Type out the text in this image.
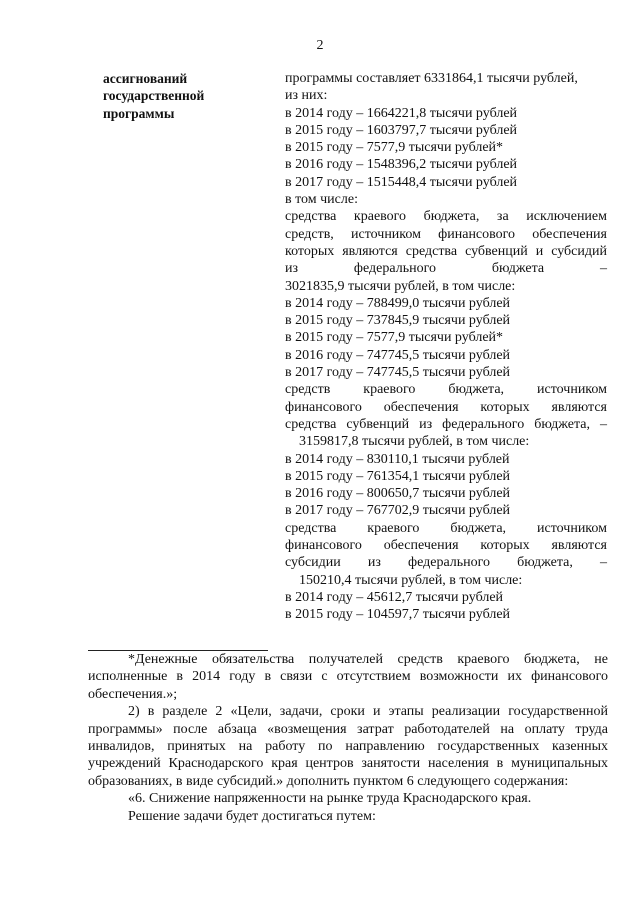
2
ассигнований
государственной
программы
программы составляет 6331864,1 тысячи рублей,
из них:
в 2014 году – 1664221,8 тысячи рублей
в 2015 году – 1603797,7 тысячи рублей
в 2015 году – 7577,9 тысячи рублей*
в 2016 году – 1548396,2 тысячи рублей
в 2017 году – 1515448,4 тысячи рублей
в том числе:
средства краевого бюджета, за исключением
средств, источником финансового обеспечения
которых являются средства субвенций и субсидий
из федерального бюджета –
3021835,9 тысячи рублей, в том числе:
в 2014 году – 788499,0 тысячи рублей
в 2015 году – 737845,9 тысячи рублей
в 2015 году – 7577,9 тысячи рублей*
в 2016 году – 747745,5 тысячи рублей
в 2017 году – 747745,5 тысячи рублей
средств краевого бюджета, источником
финансового обеспечения которых являются
средства субвенций из федерального бюджета, –
3159817,8 тысячи рублей, в том числе:
в 2014 году – 830110,1 тысячи рублей
в 2015 году – 761354,1 тысячи рублей
в 2016 году – 800650,7 тысячи рублей
в 2017 году – 767702,9 тысячи рублей
средства краевого бюджета, источником
финансового обеспечения которых являются
субсидии из федерального бюджета, –
150210,4 тысячи рублей, в том числе:
в 2014 году – 45612,7 тысячи рублей
в 2015 году – 104597,7 тысячи рублей
*Денежные обязательства получателей средств краевого бюджета, не исполненные в 2014 году в связи с отсутствием возможности их финансового обеспечения.»;
2) в разделе 2 «Цели, задачи, сроки и этапы реализации государственной программы» после абзаца «возмещения затрат работодателей на оплату труда инвалидов, принятых на работу по направлению государственных казенных учреждений Краснодарского края центров занятости населения в муниципальных образованиях, в виде субсидий.» дополнить пунктом 6 следующего содержания:
«6. Снижение напряженности на рынке труда Краснодарского края.
Решение задачи будет достигаться путем:
